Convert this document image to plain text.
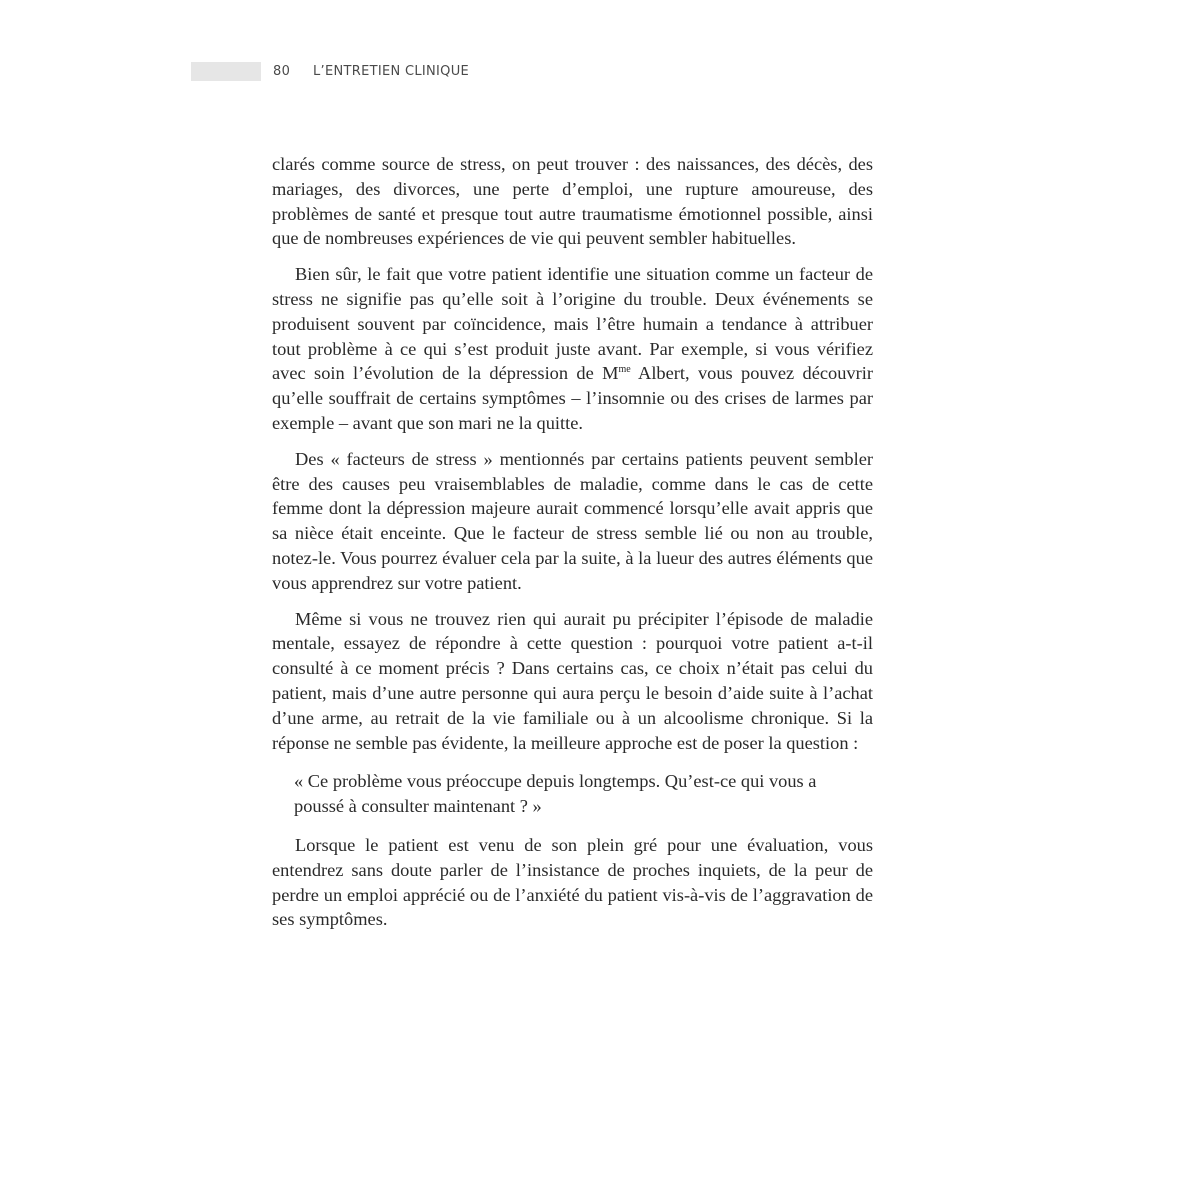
80 L’ENTRETIEN CLINIQUE

clarés comme source de stress, on peut trouver : des naissances, des décès, des mariages, des divorces, une perte d’emploi, une rupture amoureuse, des problèmes de santé et presque tout autre traumatisme émotionnel possible, ainsi que de nombreuses expériences de vie qui peuvent sembler habituelles.

Bien sûr, le fait que votre patient identifie une situation comme un facteur de stress ne signifie pas qu’elle soit à l’origine du trouble. Deux événements se produisent souvent par coïncidence, mais l’être humain a tendance à attribuer tout problème à ce qui s’est produit juste avant. Par exemple, si vous vérifiez avec soin l’évolution de la dépression de $M^{me}$ Albert, vous pouvez découvrir qu’elle souffrait de certains symptômes – l’insomnie ou des crises de larmes par exemple – avant que son mari ne la quitte.

Des « facteurs de stress » mentionnés par certains patients peuvent sembler être des causes peu vraisemblables de maladie, comme dans le cas de cette femme dont la dépression majeure aurait commencé lorsqu’elle avait appris que sa nièce était enceinte. Que le facteur de stress semble lié ou non au trouble, notez-le. Vous pourrez évaluer cela par la suite, à la lueur des autres éléments que vous apprendrez sur votre patient.

Même si vous ne trouvez rien qui aurait pu précipiter l’épisode de maladie mentale, essayez de répondre à cette question : pourquoi votre patient a-t-il consulté à ce moment précis ? Dans certains cas, ce choix n’était pas celui du patient, mais d’une autre personne qui aura perçu le besoin d’aide suite à l’achat d’une arme, au retrait de la vie familiale ou à un alcoolisme chronique. Si la réponse ne semble pas évidente, la meilleure approche est de poser la question :

« Ce problème vous préoccupe depuis longtemps. Qu’est-ce qui vous a poussé à consulter maintenant ? »

Lorsque le patient est venu de son plein gré pour une évaluation, vous entendrez sans doute parler de l’insistance de proches inquiets, de la peur de perdre un emploi apprécié ou de l’anxiété du patient vis-à-vis de l’aggravation de ses symptômes.
